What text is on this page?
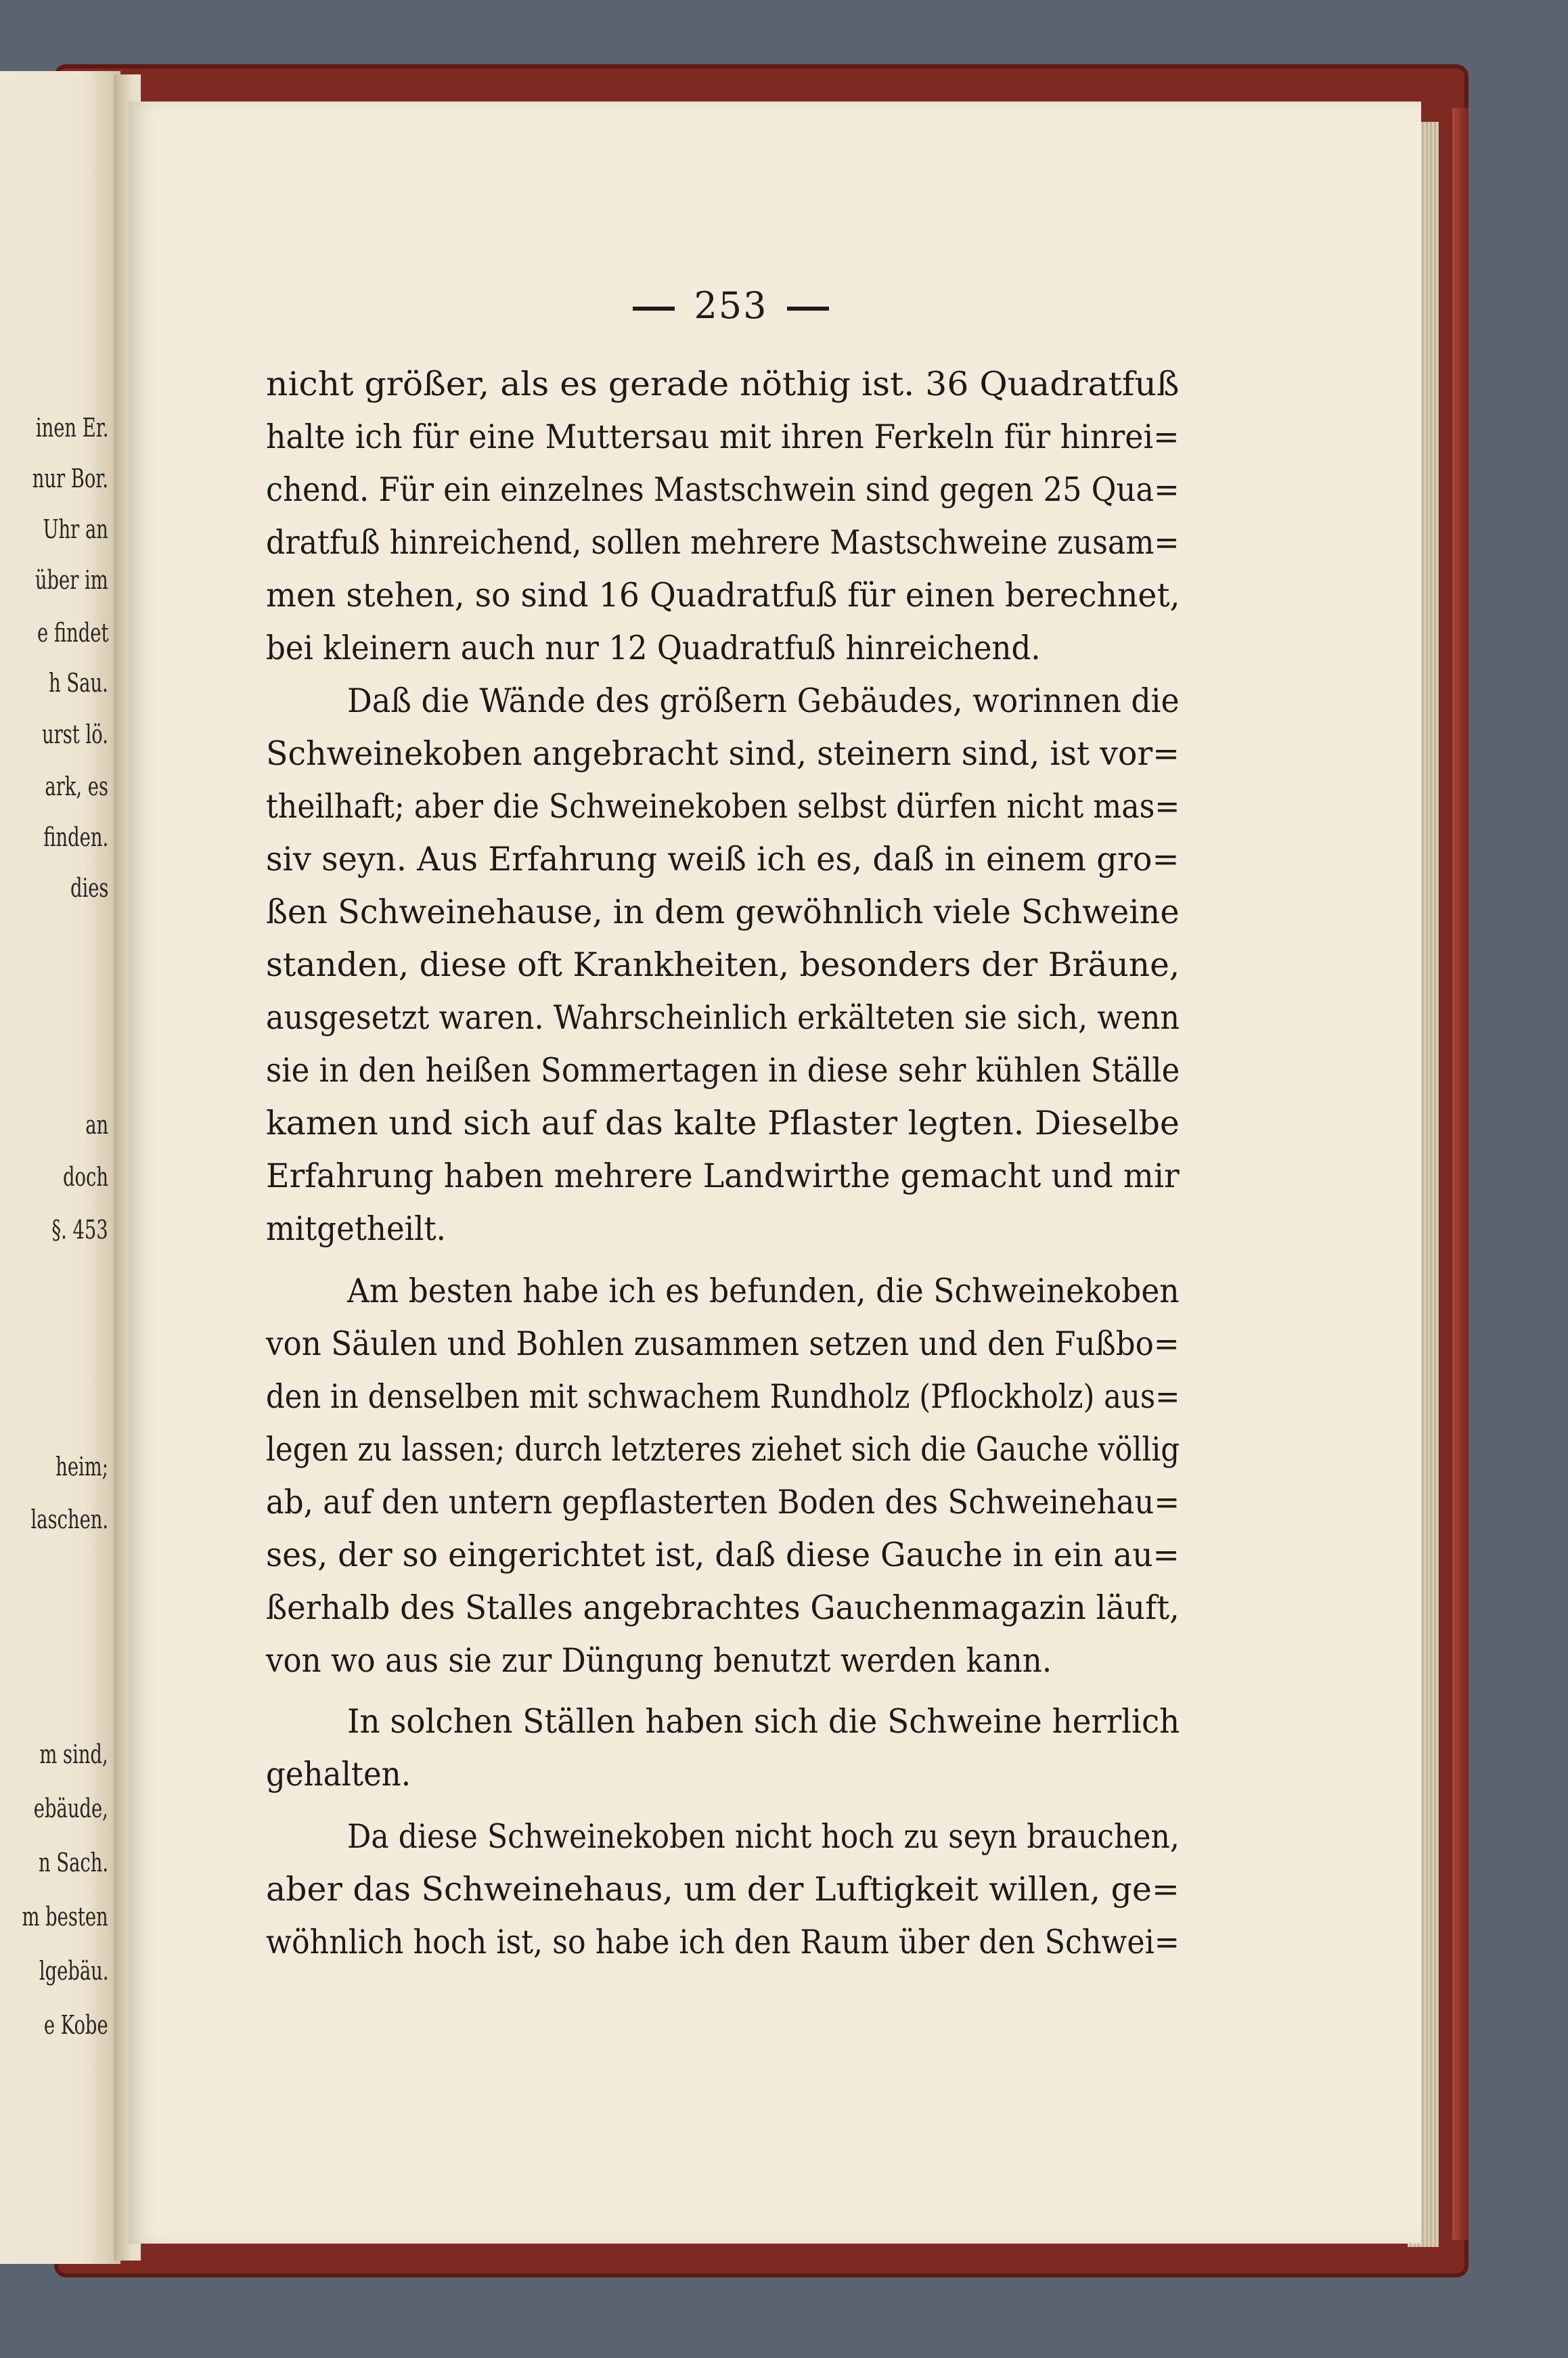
inen Er.
nur Bor.
Uhr an
über im
e findet
h Sau.
urst lö.
ark, es
finden.
dies
an
doch
§. 453
heim;
laschen.
m sind,
ebäude,
n Sach.
m besten
lgebäu.
e Kobe
253
nicht größer, als es gerade nöthig ist. 36 Quadratfuß
halte ich für eine Muttersau mit ihren Ferkeln für hinrei=
chend. Für ein einzelnes Mastschwein sind gegen 25 Qua=
dratfuß hinreichend, sollen mehrere Mastschweine zusam=
men stehen, so sind 16 Quadratfuß für einen berechnet,
bei kleinern auch nur 12 Quadratfuß hinreichend.
Daß die Wände des größern Gebäudes, worinnen die
Schweinekoben angebracht sind, steinern sind, ist vor=
theilhaft; aber die Schweinekoben selbst dürfen nicht mas=
siv seyn. Aus Erfahrung weiß ich es, daß in einem gro=
ßen Schweinehause, in dem gewöhnlich viele Schweine
standen, diese oft Krankheiten, besonders der Bräune,
ausgesetzt waren. Wahrscheinlich erkälteten sie sich, wenn
sie in den heißen Sommertagen in diese sehr kühlen Ställe
kamen und sich auf das kalte Pflaster legten. Dieselbe
Erfahrung haben mehrere Landwirthe gemacht und mir
mitgetheilt.
Am besten habe ich es befunden, die Schweinekoben
von Säulen und Bohlen zusammen setzen und den Fußbo=
den in denselben mit schwachem Rundholz (Pflockholz) aus=
legen zu lassen; durch letzteres ziehet sich die Gauche völlig
ab, auf den untern gepflasterten Boden des Schweinehau=
ses, der so eingerichtet ist, daß diese Gauche in ein au=
ßerhalb des Stalles angebrachtes Gauchenmagazin läuft,
von wo aus sie zur Düngung benutzt werden kann.
In solchen Ställen haben sich die Schweine herrlich
gehalten.
Da diese Schweinekoben nicht hoch zu seyn brauchen,
aber das Schweinehaus, um der Luftigkeit willen, ge=
wöhnlich hoch ist, so habe ich den Raum über den Schwei=
